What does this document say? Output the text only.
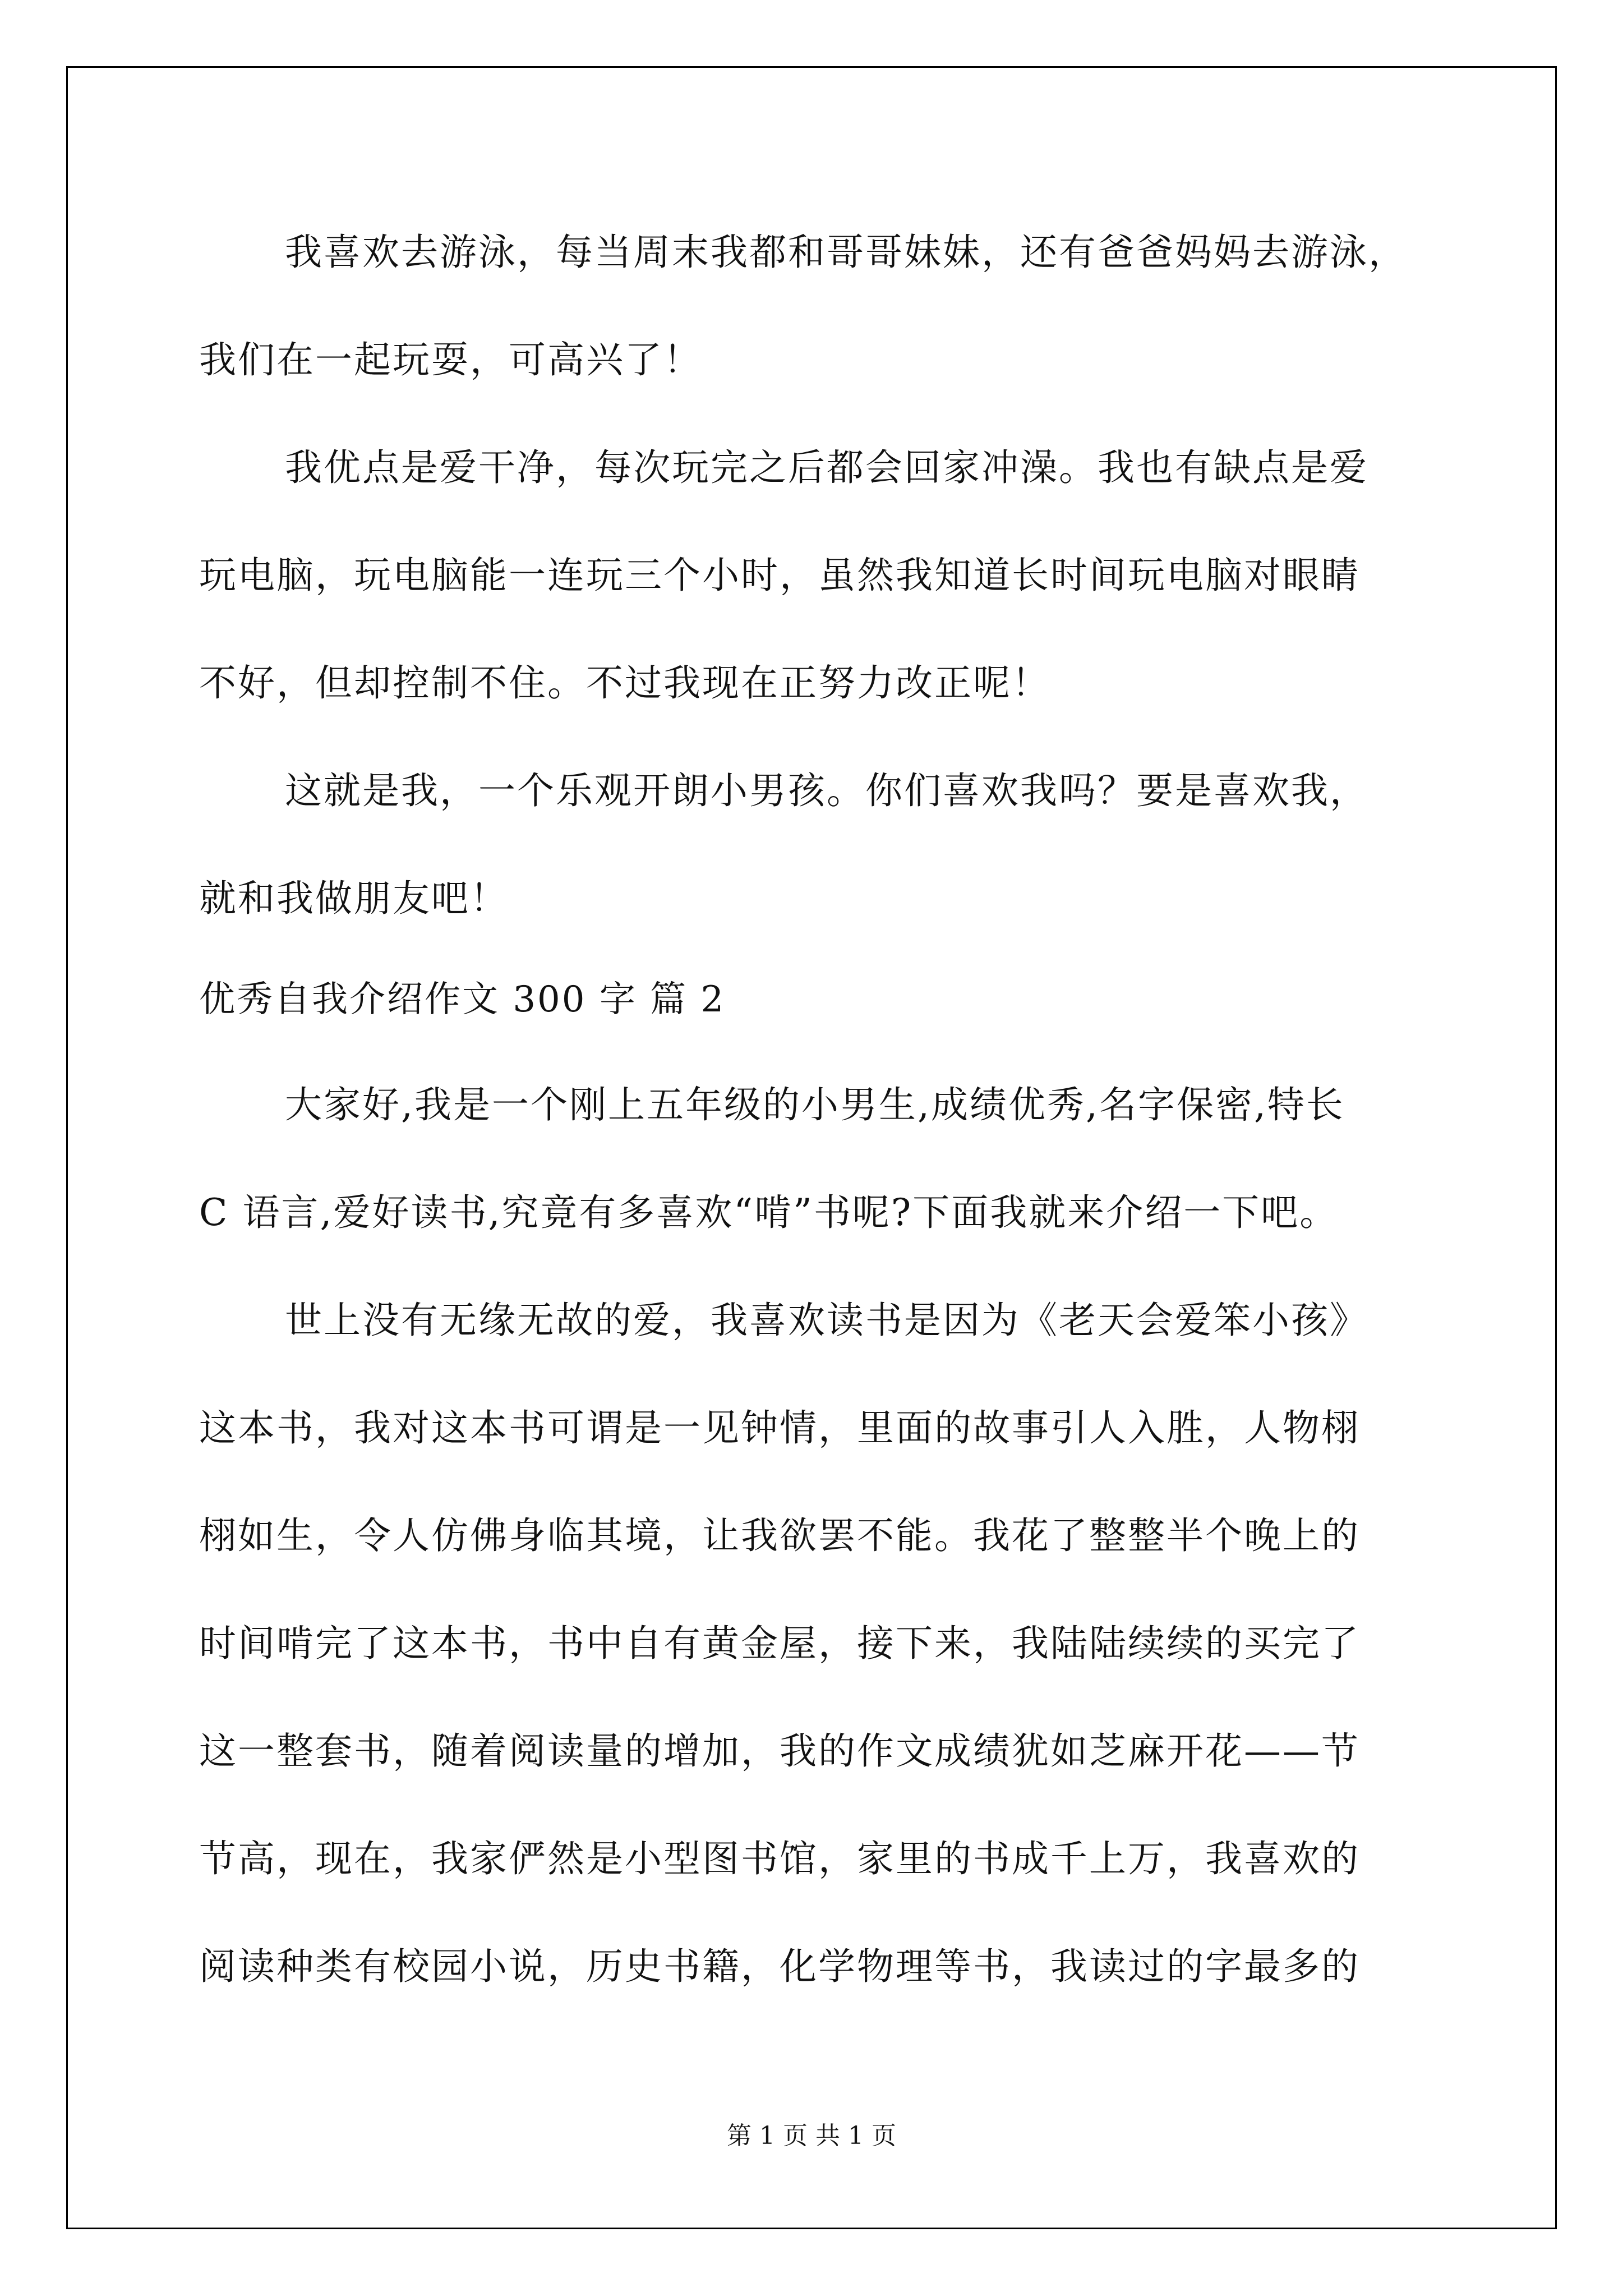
我喜欢去游泳，每当周末我都和哥哥妹妹，还有爸爸妈妈去游泳，
我们在一起玩耍，可高兴了！
我优点是爱干净，每次玩完之后都会回家冲澡。我也有缺点是爱
玩电脑，玩电脑能一连玩三个小时，虽然我知道长时间玩电脑对眼睛
不好，但却控制不住。不过我现在正努力改正呢！
这就是我，一个乐观开朗小男孩。你们喜欢我吗？要是喜欢我，
就和我做朋友吧！
优秀自我介绍作文 300 字 篇 2
大家好,我是一个刚上五年级的小男生,成绩优秀,名字保密,特长
C 语言,爱好读书,究竟有多喜欢“啃”书呢?下面我就来介绍一下吧。
世上没有无缘无故的爱，我喜欢读书是因为《老天会爱笨小孩》
这本书，我对这本书可谓是一见钟情，里面的故事引人入胜，人物栩
栩如生，令人仿佛身临其境，让我欲罢不能。我花了整整半个晚上的
时间啃完了这本书，书中自有黄金屋，接下来，我陆陆续续的买完了
这一整套书，随着阅读量的增加，我的作文成绩犹如芝麻开花——节
节高，现在，我家俨然是小型图书馆，家里的书成千上万，我喜欢的
阅读种类有校园小说，历史书籍，化学物理等书，我读过的字最多的
第 1 页 共 1 页
